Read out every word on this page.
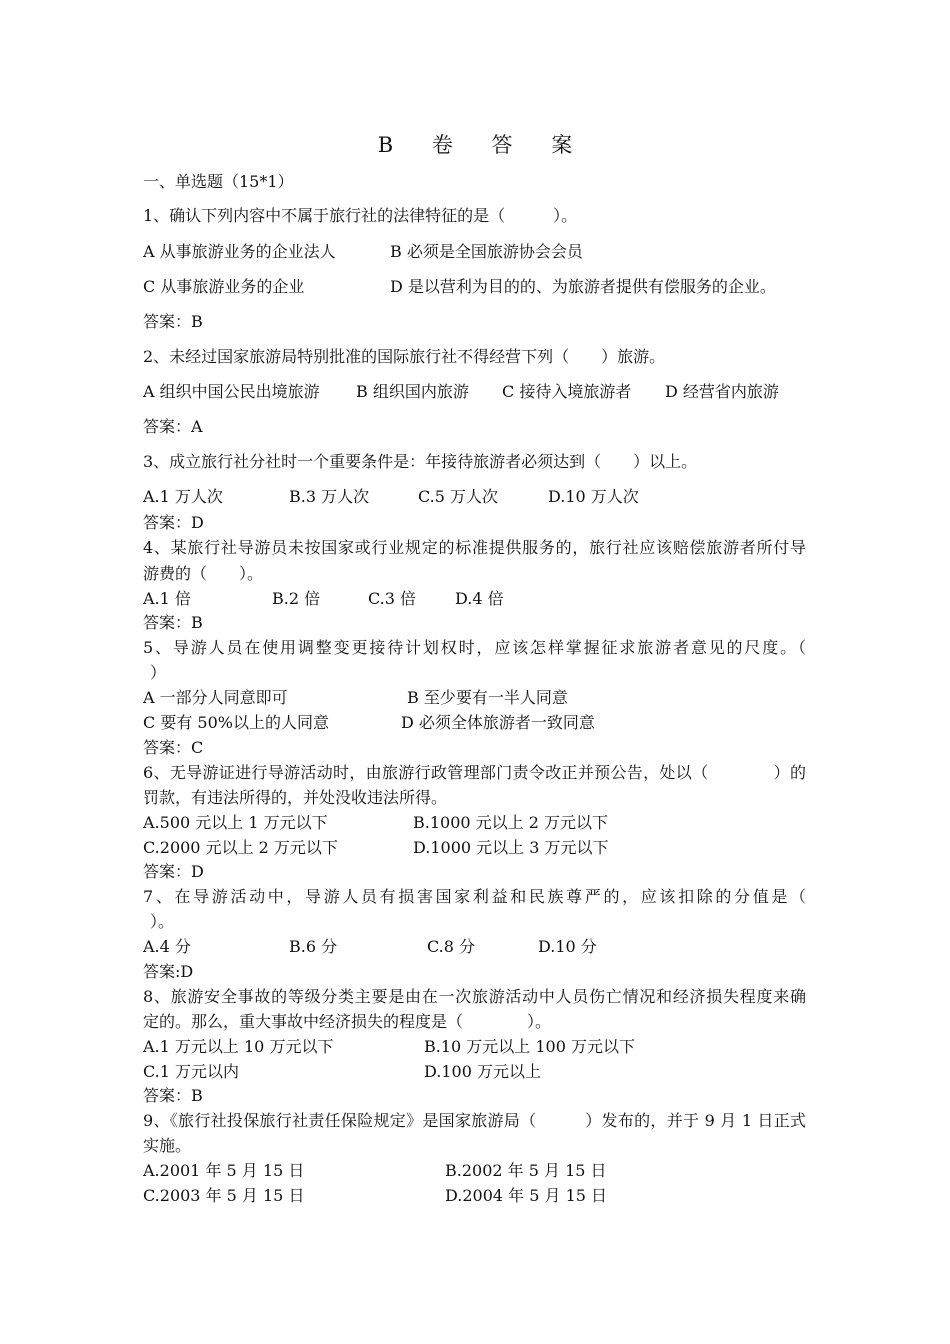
B 卷 答 案
一、单选题（15*1）
1、确认下列内容中不属于旅行社的法律特征的是（　　　）。
A 从事旅游业务的企业法人	B 必须是全国旅游协会会员
C 从事旅游业务的企业	D 是以营利为目的的、为旅游者提供有偿服务的企业。
答案：B
2、未经过国家旅游局特别批准的国际旅行社不得经营下列（　　）旅游。
A 组织中国公民出境旅游 B 组织国内旅游 C 接待入境旅游者 D 经营省内旅游
答案：A
3、成立旅行社分社时一个重要条件是：年接待旅游者必须达到（　　）以上。
A.1 万人次	B.3 万人次	C.5 万人次	D.10 万人次
答案：D
4、某旅行社导游员未按国家或行业规定的标准提供服务的，旅行社应该赔偿旅游者所付导
游费的（　　）。
A.1 倍	B.2 倍	C.3 倍 D.4 倍
答案：B
5、导游人员在使用调整变更接待计划权时，应该怎样掌握征求旅游者意见的尺度。（
）
A 一部分人同意即可	B 至少要有一半人同意
C 要有 50%以上的人同意	D 必须全体旅游者一致同意
答案：C
6、无导游证进行导游活动时，由旅游行政管理部门责令改正并预公告，处以（　　　　）的
罚款，有违法所得的，并处没收违法所得。
A.500 元以上 1 万元以下	B.1000 元以上 2 万元以下
C.2000 元以上 2 万元以下	D.1000 元以上 3 万元以下
答案：D
7、在导游活动中，导游人员有损害国家利益和民族尊严的，应该扣除的分值是（
）。
A.4 分	B.6 分	C.8 分	D.10 分
答案:D
8、旅游安全事故的等级分类主要是由在一次旅游活动中人员伤亡情况和经济损失程度来确
定的。那么，重大事故中经济损失的程度是（　　　　）。
A.1 万元以上 10 万元以下	B.10 万元以上 100 万元以下
C.1 万元以内	D.100 万元以上
答案：B
9、《旅行社投保旅行社责任保险规定》是国家旅游局（　　　）发布的，并于 9 月 1 日正式
实施。
A.2001 年 5 月 15 日	B.2002 年 5 月 15 日
C.2003 年 5 月 15 日	D.2004 年 5 月 15 日
